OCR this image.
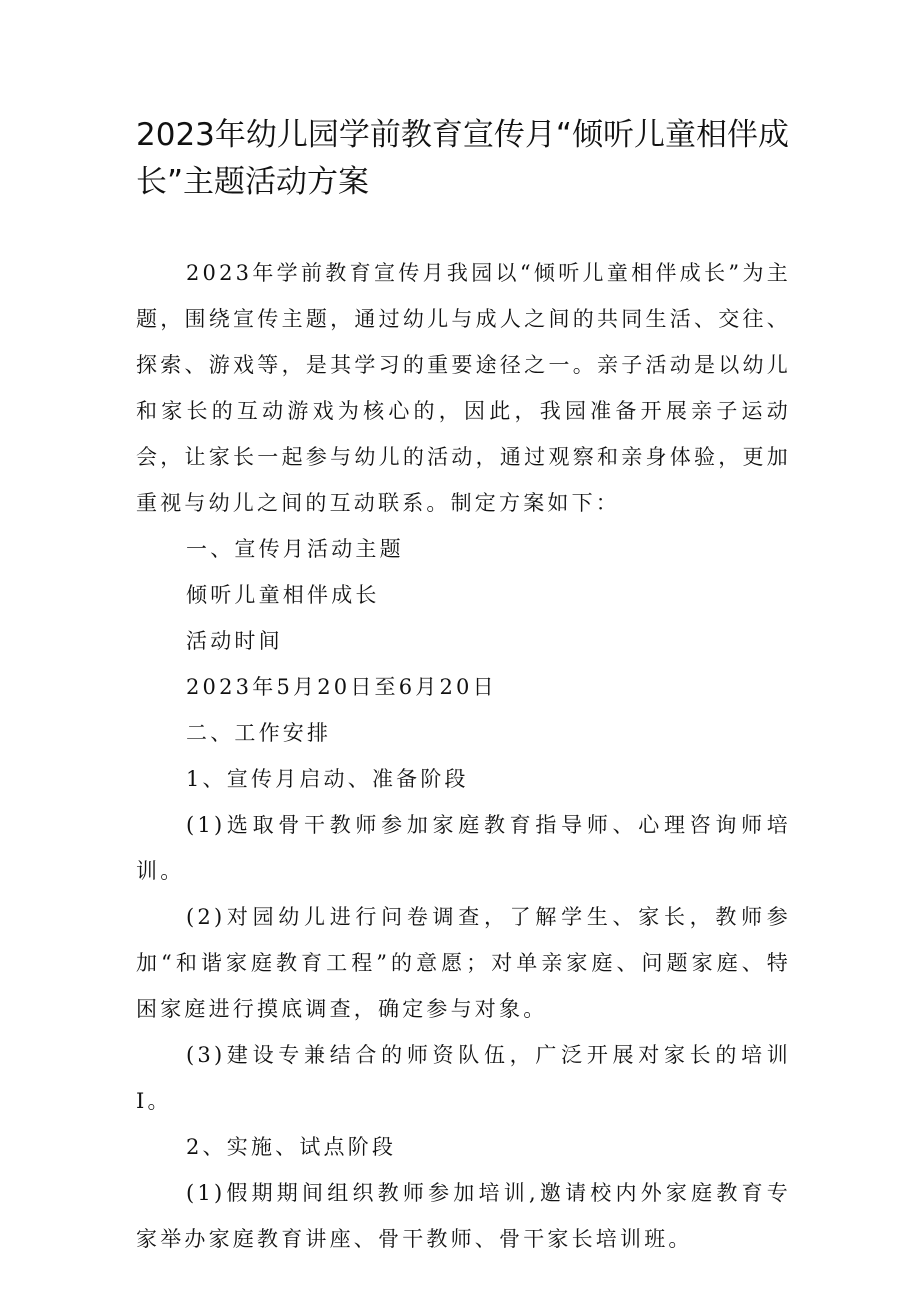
2023年幼儿园学前教育宣传月“倾听儿童相伴成长”主题活动方案

2023年学前教育宣传月我园以“倾听儿童相伴成长”为主题，围绕宣传主题，通过幼儿与成人之间的共同生活、交往、探索、游戏等，是其学习的重要途径之一。亲子活动是以幼儿和家长的互动游戏为核心的，因此，我园准备开展亲子运动会，让家长一起参与幼儿的活动，通过观察和亲身体验，更加重视与幼儿之间的互动联系。制定方案如下：

一、宣传月活动主题

倾听儿童相伴成长

活动时间

2023年5月20日至6月20日

二、工作安排

1、宣传月启动、准备阶段

(1)选取骨干教师参加家庭教育指导师、心理咨询师培训。

(2)对园幼儿进行问卷调查，了解学生、家长，教师参加“和谐家庭教育工程”的意愿；对单亲家庭、问题家庭、特困家庭进行摸底调查，确定参与对象。

(3)建设专兼结合的师资队伍，广泛开展对家长的培训I。

2、实施、试点阶段

(1)假期期间组织教师参加培训,邀请校内外家庭教育专家举办家庭教育讲座、骨干教师、骨干家长培训班。
